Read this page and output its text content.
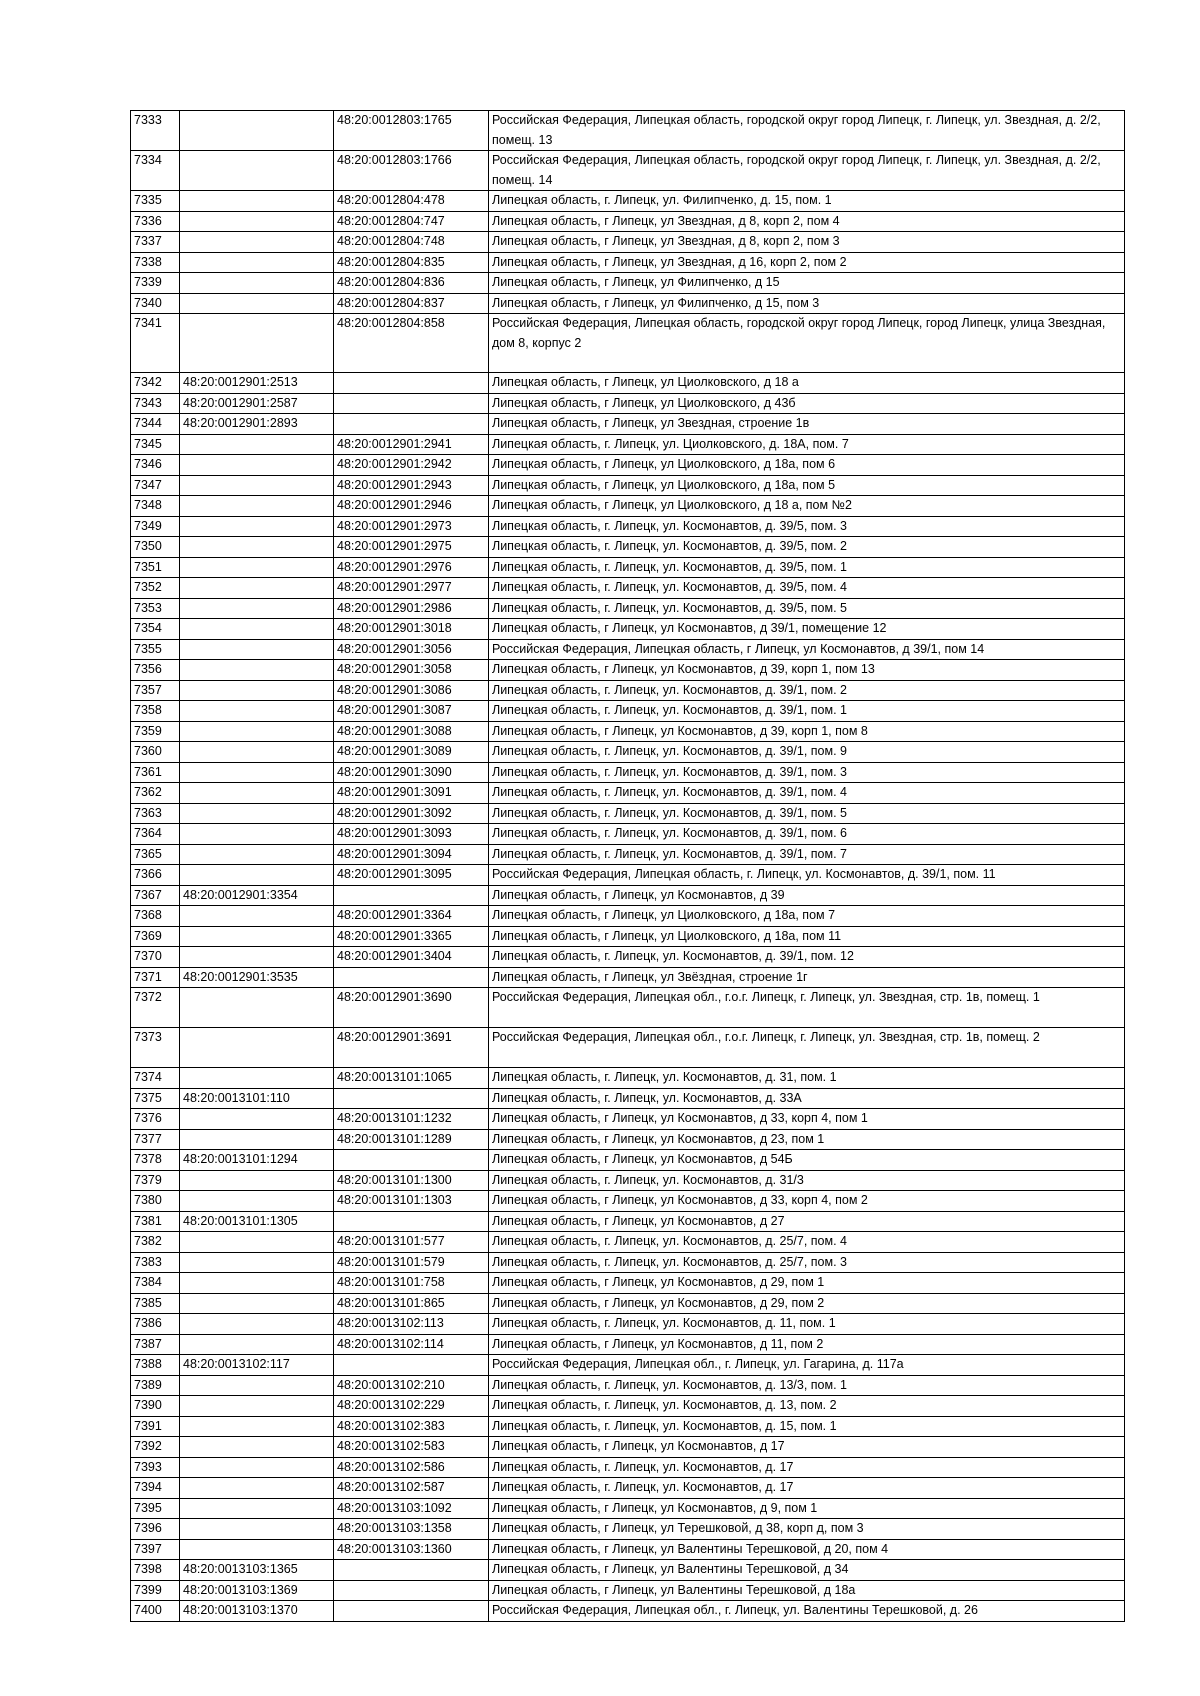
7333		48:20:0012803:1765	Российская Федерация, Липецкая область, городской округ город Липецк, г. Липецк, ул. Звездная, д. 2/2, помещ. 13
7334		48:20:0012803:1766	Российская Федерация, Липецкая область, городской округ город Липецк, г. Липецк, ул. Звездная, д. 2/2, помещ. 14
7335		48:20:0012804:478	Липецкая область, г. Липецк, ул. Филипченко, д. 15, пом. 1
7336		48:20:0012804:747	Липецкая область, г Липецк, ул Звездная, д 8, корп 2, пом 4
7337		48:20:0012804:748	Липецкая область, г Липецк, ул Звездная, д 8, корп 2, пом 3
7338		48:20:0012804:835	Липецкая область, г Липецк, ул Звездная, д 16, корп 2, пом 2
7339		48:20:0012804:836	Липецкая область, г Липецк, ул Филипченко, д 15
7340		48:20:0012804:837	Липецкая область, г Липецк, ул Филипченко, д 15, пом 3
7341		48:20:0012804:858	Российская Федерация, Липецкая область, городской округ город Липецк, город Липецк, улица Звездная, дом 8, корпус 2
7342	48:20:0012901:2513		Липецкая область, г Липецк, ул Циолковского, д 18 а
7343	48:20:0012901:2587		Липецкая область, г Липецк, ул Циолковского, д 43б
7344	48:20:0012901:2893		Липецкая область, г Липецк, ул Звездная, строение 1в
7345		48:20:0012901:2941	Липецкая область, г. Липецк, ул. Циолковского, д. 18А, пом. 7
7346		48:20:0012901:2942	Липецкая область, г Липецк, ул Циолковского, д 18а, пом 6
7347		48:20:0012901:2943	Липецкая область, г Липецк, ул Циолковского, д 18а, пом 5
7348		48:20:0012901:2946	Липецкая область, г Липецк, ул Циолковского, д 18 а, пом №2
7349		48:20:0012901:2973	Липецкая область, г. Липецк, ул. Космонавтов, д. 39/5, пом. 3
7350		48:20:0012901:2975	Липецкая область, г. Липецк, ул. Космонавтов, д. 39/5, пом. 2
7351		48:20:0012901:2976	Липецкая область, г. Липецк, ул. Космонавтов, д. 39/5, пом. 1
7352		48:20:0012901:2977	Липецкая область, г. Липецк, ул. Космонавтов, д. 39/5, пом. 4
7353		48:20:0012901:2986	Липецкая область, г. Липецк, ул. Космонавтов, д. 39/5, пом. 5
7354		48:20:0012901:3018	Липецкая область, г Липецк, ул Космонавтов, д 39/1, помещение 12
7355		48:20:0012901:3056	Российская Федерация, Липецкая область, г Липецк, ул Космонавтов, д 39/1, пом 14
7356		48:20:0012901:3058	Липецкая область, г Липецк, ул Космонавтов, д 39, корп 1, пом 13
7357		48:20:0012901:3086	Липецкая область, г. Липецк, ул. Космонавтов, д. 39/1, пом. 2
7358		48:20:0012901:3087	Липецкая область, г. Липецк, ул. Космонавтов, д. 39/1, пом. 1
7359		48:20:0012901:3088	Липецкая область, г Липецк, ул Космонавтов, д 39, корп 1, пом 8
7360		48:20:0012901:3089	Липецкая область, г. Липецк, ул. Космонавтов, д. 39/1, пом. 9
7361		48:20:0012901:3090	Липецкая область, г. Липецк, ул. Космонавтов, д. 39/1, пом. 3
7362		48:20:0012901:3091	Липецкая область, г. Липецк, ул. Космонавтов, д. 39/1, пом. 4
7363		48:20:0012901:3092	Липецкая область, г. Липецк, ул. Космонавтов, д. 39/1, пом. 5
7364		48:20:0012901:3093	Липецкая область, г. Липецк, ул. Космонавтов, д. 39/1, пом. 6
7365		48:20:0012901:3094	Липецкая область, г. Липецк, ул. Космонавтов, д. 39/1, пом. 7
7366		48:20:0012901:3095	Российская Федерация, Липецкая область, г. Липецк, ул. Космонавтов, д. 39/1, пом. 11
7367	48:20:0012901:3354		Липецкая область, г Липецк, ул Космонавтов, д 39
7368		48:20:0012901:3364	Липецкая область, г Липецк, ул Циолковского, д 18а, пом 7
7369		48:20:0012901:3365	Липецкая область, г Липецк, ул Циолковского, д 18а, пом 11
7370		48:20:0012901:3404	Липецкая область, г. Липецк, ул. Космонавтов, д. 39/1, пом. 12
7371	48:20:0012901:3535		Липецкая область, г Липецк, ул Звёздная, строение 1г
7372		48:20:0012901:3690	Российская Федерация, Липецкая обл., г.о.г. Липецк, г. Липецк, ул. Звездная, стр. 1в, помещ. 1
7373		48:20:0012901:3691	Российская Федерация, Липецкая обл., г.о.г. Липецк, г. Липецк, ул. Звездная, стр. 1в, помещ. 2
7374		48:20:0013101:1065	Липецкая область, г. Липецк, ул. Космонавтов, д. 31, пом. 1
7375	48:20:0013101:110		Липецкая область, г. Липецк, ул. Космонавтов, д. 33А
7376		48:20:0013101:1232	Липецкая область, г Липецк, ул Космонавтов, д 33, корп 4, пом 1
7377		48:20:0013101:1289	Липецкая область, г Липецк, ул Космонавтов, д 23, пом 1
7378	48:20:0013101:1294		Липецкая область, г Липецк, ул Космонавтов, д 54Б
7379		48:20:0013101:1300	Липецкая область, г. Липецк, ул. Космонавтов, д. 31/3
7380		48:20:0013101:1303	Липецкая область, г Липецк, ул Космонавтов, д 33, корп 4, пом 2
7381	48:20:0013101:1305		Липецкая область, г Липецк, ул Космонавтов, д 27
7382		48:20:0013101:577	Липецкая область, г. Липецк, ул. Космонавтов, д. 25/7, пом. 4
7383		48:20:0013101:579	Липецкая область, г. Липецк, ул. Космонавтов, д. 25/7, пом. 3
7384		48:20:0013101:758	Липецкая область, г Липецк, ул Космонавтов, д 29, пом 1
7385		48:20:0013101:865	Липецкая область, г Липецк, ул Космонавтов, д 29, пом 2
7386		48:20:0013102:113	Липецкая область, г. Липецк, ул. Космонавтов, д. 11, пом. 1
7387		48:20:0013102:114	Липецкая область, г Липецк, ул Космонавтов, д 11, пом 2
7388	48:20:0013102:117		Российская Федерация, Липецкая обл., г. Липецк, ул. Гагарина, д. 117а
7389		48:20:0013102:210	Липецкая область, г. Липецк, ул. Космонавтов, д. 13/3, пом. 1
7390		48:20:0013102:229	Липецкая область, г. Липецк, ул. Космонавтов, д. 13, пом. 2
7391		48:20:0013102:383	Липецкая область, г. Липецк, ул. Космонавтов, д. 15, пом. 1
7392		48:20:0013102:583	Липецкая область, г Липецк, ул Космонавтов, д 17
7393		48:20:0013102:586	Липецкая область, г. Липецк, ул. Космонавтов, д. 17
7394		48:20:0013102:587	Липецкая область, г. Липецк, ул. Космонавтов, д. 17
7395		48:20:0013103:1092	Липецкая область, г Липецк, ул Космонавтов, д 9, пом 1
7396		48:20:0013103:1358	Липецкая область, г Липецк, ул Терешковой, д 38, корп д, пом 3
7397		48:20:0013103:1360	Липецкая область, г Липецк, ул Валентины Терешковой, д 20, пом 4
7398	48:20:0013103:1365		Липецкая область, г Липецк, ул Валентины Терешковой, д 34
7399	48:20:0013103:1369		Липецкая область, г Липецк, ул Валентины Терешковой, д 18а
7400	48:20:0013103:1370		Российская Федерация, Липецкая обл., г. Липецк, ул. Валентины Терешковой, д. 26
